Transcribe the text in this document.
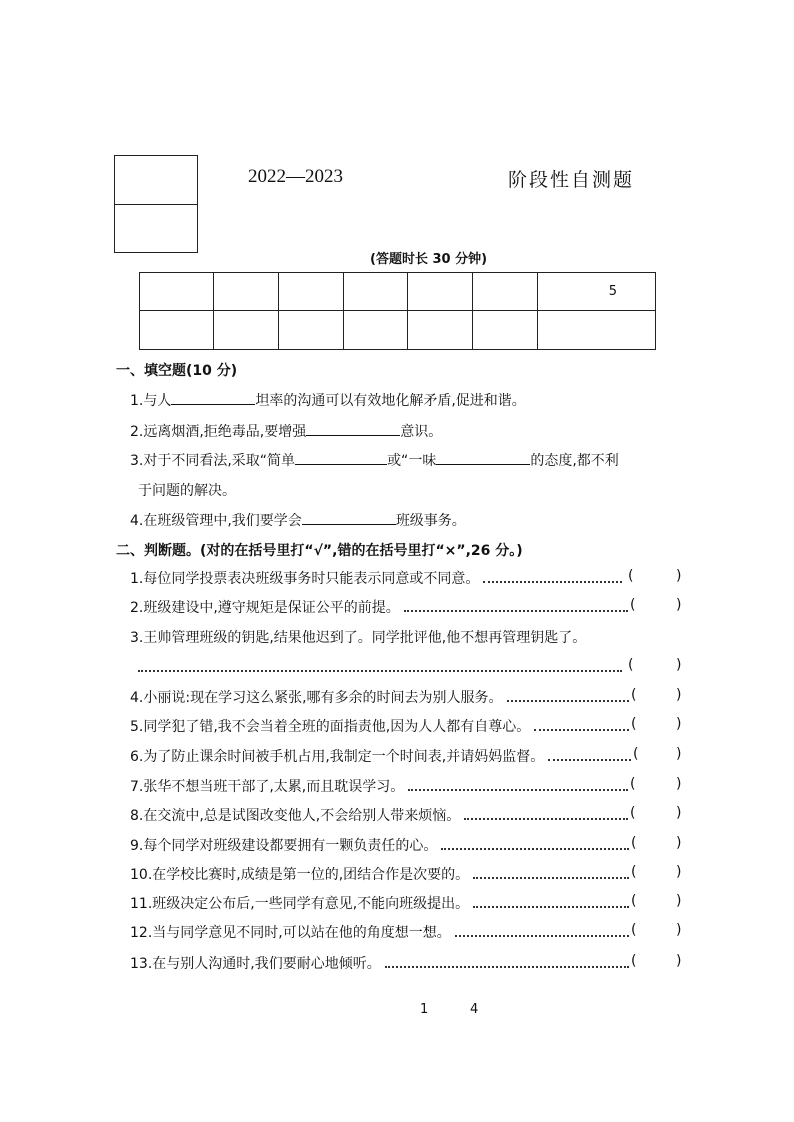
2022—2023	阶段性自测题
(答题时长 30 分钟)
						5

一、填空题(10 分)
1.与人	坦率的沟通可以有效地化解矛盾,促进和谐。
2.远离烟酒,拒绝毒品,要增强	意识。
3.对于不同看法,采取“简单	或“一味	的态度,都不利
于问题的解决。
4.在班级管理中,我们要学会	班级事务。
二、判断题。(对的在括号里打“√”,错的在括号里打“×”,26 分。)
1.每位同学投票表决班级事务时只能表示同意或不同意。	(	)
2.班级建设中,遵守规矩是保证公平的前提。	(	)
3.王帅管理班级的钥匙,结果他迟到了。同学批评他,他不想再管理钥匙了。
(	)
4.小丽说:现在学习这么紧张,哪有多余的时间去为别人服务。	(	)
5.同学犯了错,我不会当着全班的面指责他,因为人人都有自尊心。	(	)
6.为了防止课余时间被手机占用,我制定一个时间表,并请妈妈监督。	(	)
7.张华不想当班干部了,太累,而且耽误学习。	(	)
8.在交流中,总是试图改变他人,不会给别人带来烦恼。	(	)
9.每个同学对班级建设都要拥有一颗负责任的心。	(	)
10.在学校比赛时,成绩是第一位的,团结合作是次要的。	(	)
11.班级决定公布后,一些同学有意见,不能向班级提出。	(	)
12.当与同学意见不同时,可以站在他的角度想一想。	(	)
13.在与别人沟通时,我们要耐心地倾听。	(	)
1	4
